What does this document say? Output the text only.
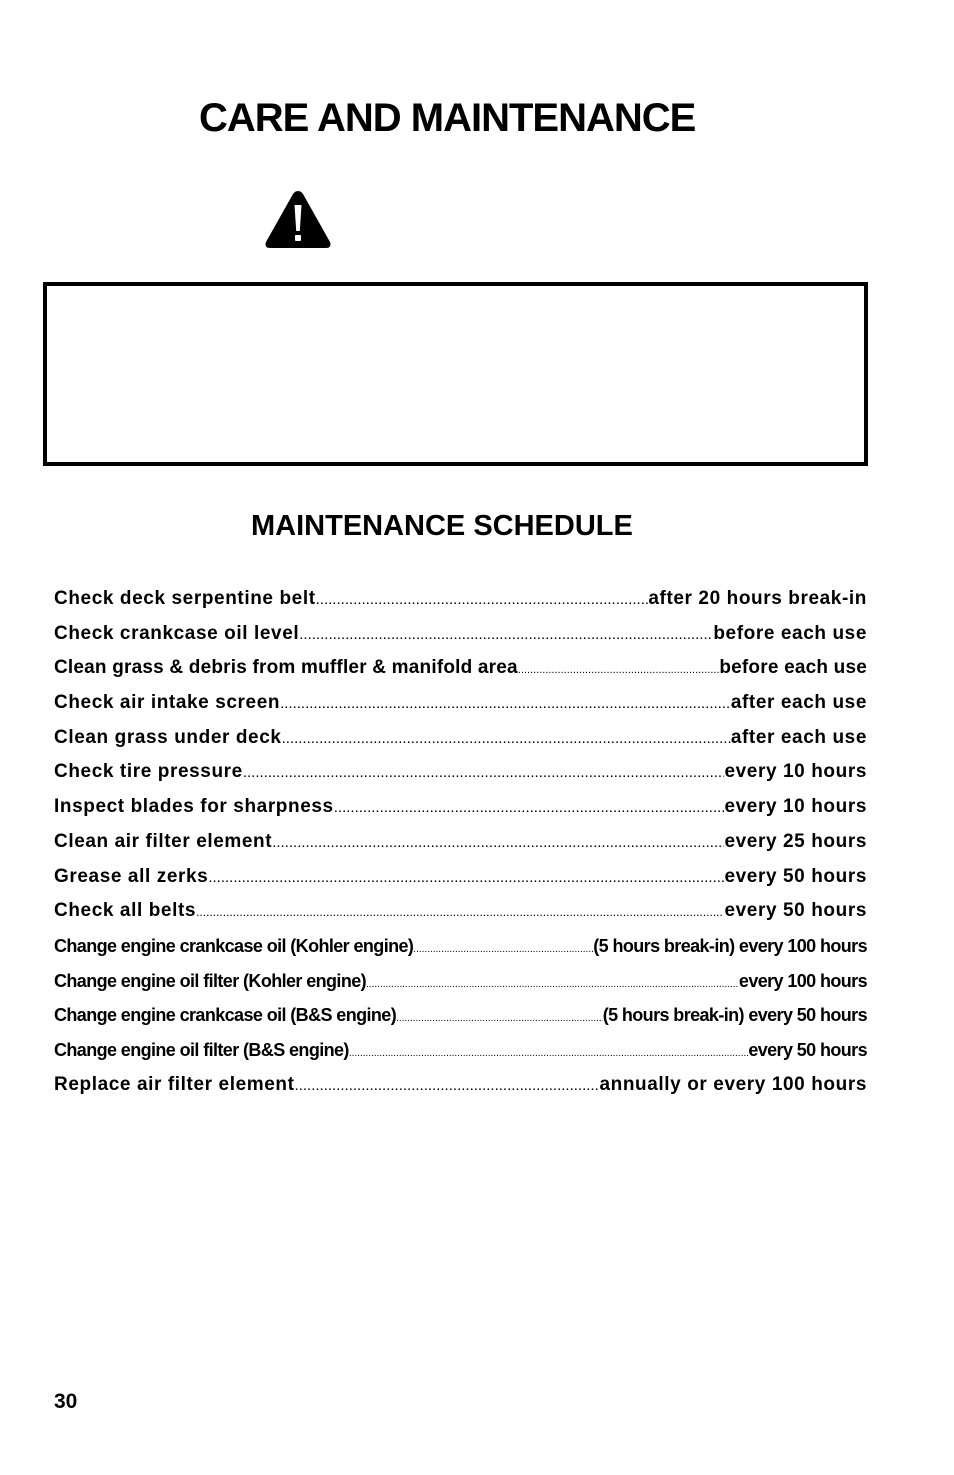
CARE AND MAINTENANCE
MAINTENANCE SCHEDULE
Check deck serpentine belt .....	after 20 hours break-in
Check crankcase oil level .....	before each use
Clean grass & debris from muffler & manifold area .....	before each use
Check air intake screen .....	after each use
Clean grass under deck .....	after each use
Check tire pressure .....	every 10 hours
Inspect blades for sharpness .....	every 10 hours
Clean air filter element .....	every 25 hours
Grease all zerks .....	every 50 hours
Check all belts .....	every 50 hours
Change engine crankcase oil (Kohler engine) .....	(5 hours break-in) every 100 hours
Change engine oil filter (Kohler engine) .....	every 100 hours
Change engine crankcase oil (B&S engine) .....	(5 hours break-in) every 50 hours
Change engine oil filter (B&S engine) .....	every 50 hours
Replace air filter element .....	annually or every 100 hours
30
